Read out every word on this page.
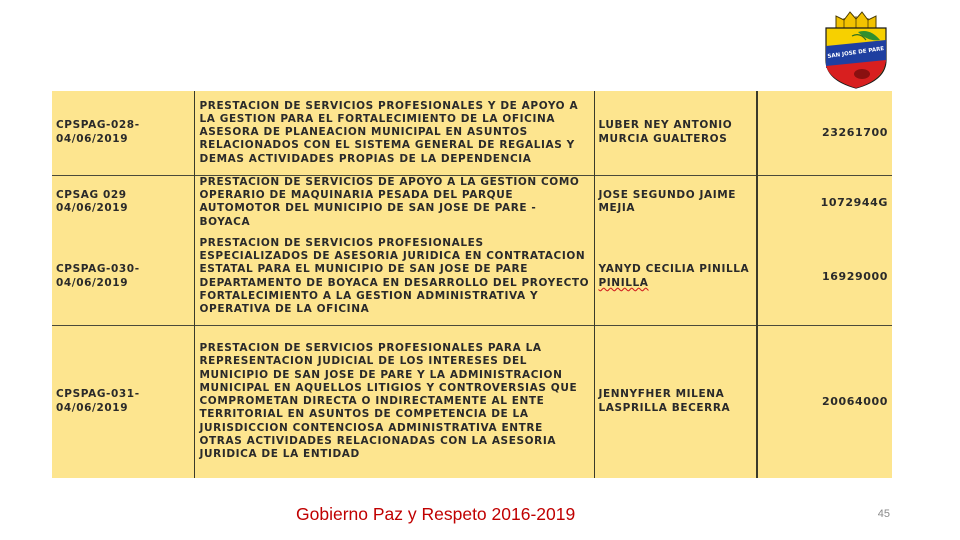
SAN JOSE DE PARE
CPSPAG-028-
04/06/2019	PRESTACION DE SERVICIOS PROFESIONALES Y DE APOYO A LA GESTION PARA EL FORTALECIMIENTO DE LA OFICINA ASESORA DE PLANEACION MUNICIPAL EN ASUNTOS RELACIONADOS CON EL SISTEMA GENERAL DE REGALIAS Y DEMAS ACTIVIDADES PROPIAS DE LA DEPENDENCIA	LUBER NEY ANTONIO MURCIA GUALTEROS	23261700
CPSAG 029
04/06/2019	PRESTACION DE SERVICIOS DE APOYO A LA GESTION COMO OPERARIO DE MAQUINARIA PESADA DEL PARQUE AUTOMOTOR DEL MUNICIPIO DE SAN JOSE DE PARE - BOYACA	JOSE SEGUNDO JAIME MEJIA	1072944G
CPSPAG-030-
04/06/2019	PRESTACION DE SERVICIOS PROFESIONALES ESPECIALIZADOS DE ASESORIA JURIDICA EN CONTRATACION ESTATAL PARA EL MUNICIPIO DE SAN JOSE DE PARE DEPARTAMENTO DE BOYACA EN DESARROLLO DEL PROYECTO FORTALECIMIENTO A LA GESTION ADMINISTRATIVA Y OPERATIVA DE LA OFICINA	YANYD CECILIA PINILLA PINILLA	16929000
CPSPAG-031-
04/06/2019	PRESTACION DE SERVICIOS PROFESIONALES PARA LA REPRESENTACION JUDICIAL DE LOS INTERESES DEL MUNICIPIO DE SAN JOSE DE PARE Y LA ADMINISTRACION MUNICIPAL EN AQUELLOS LITIGIOS Y CONTROVERSIAS QUE COMPROMETAN DIRECTA O INDIRECTAMENTE AL ENTE TERRITORIAL EN ASUNTOS DE COMPETENCIA DE LA JURISDICCION CONTENCIOSA ADMINISTRATIVA ENTRE OTRAS ACTIVIDADES RELACIONADAS CON LA ASESORIA JURIDICA DE LA ENTIDAD	JENNYFHER MILENA LASPRILLA BECERRA	20064000
Gobierno Paz y Respeto 2016-2019	45
